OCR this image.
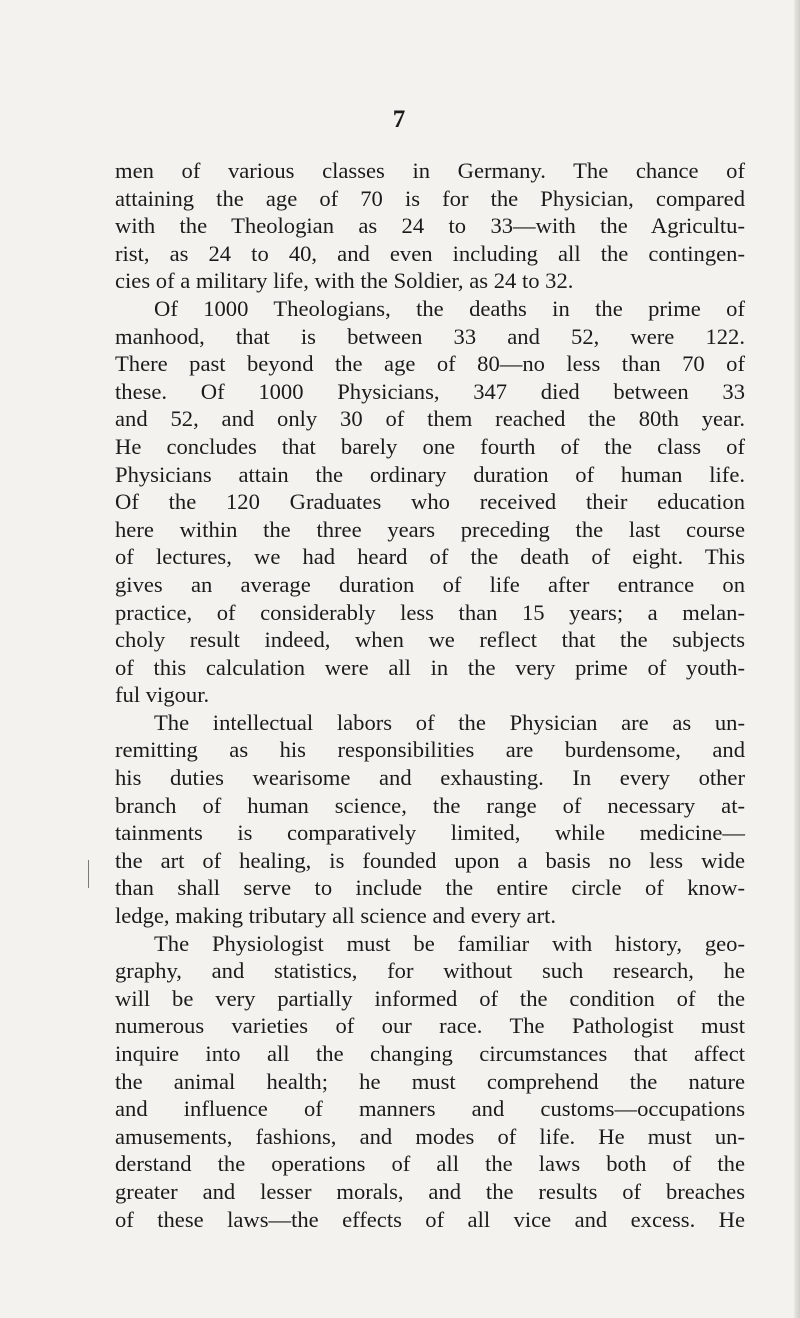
7
men of various classes in Germany. The chance of
attaining the age of 70 is for the Physician, compared
with the Theologian as 24 to 33—with the Agricultu-
rist, as 24 to 40, and even including all the contingen-
cies of a military life, with the Soldier, as 24 to 32.
Of 1000 Theologians, the deaths in the prime of
manhood, that is between 33 and 52, were 122.
There past beyond the age of 80—no less than 70 of
these. Of 1000 Physicians, 347 died between 33
and 52, and only 30 of them reached the 80th year.
He concludes that barely one fourth of the class of
Physicians attain the ordinary duration of human life.
Of the 120 Graduates who received their education
here within the three years preceding the last course
of lectures, we had heard of the death of eight. This
gives an average duration of life after entrance on
practice, of considerably less than 15 years; a melan-
choly result indeed, when we reflect that the subjects
of this calculation were all in the very prime of youth-
ful vigour.
The intellectual labors of the Physician are as un-
remitting as his responsibilities are burdensome, and
his duties wearisome and exhausting. In every other
branch of human science, the range of necessary at-
tainments is comparatively limited, while medicine—
the art of healing, is founded upon a basis no less wide
than shall serve to include the entire circle of know-
ledge, making tributary all science and every art.
The Physiologist must be familiar with history, geo-
graphy, and statistics, for without such research, he
will be very partially informed of the condition of the
numerous varieties of our race. The Pathologist must
inquire into all the changing circumstances that affect
the animal health; he must comprehend the nature
and influence of manners and customs—occupations
amusements, fashions, and modes of life. He must un-
derstand the operations of all the laws both of the
greater and lesser morals, and the results of breaches
of these laws—the effects of all vice and excess. He
